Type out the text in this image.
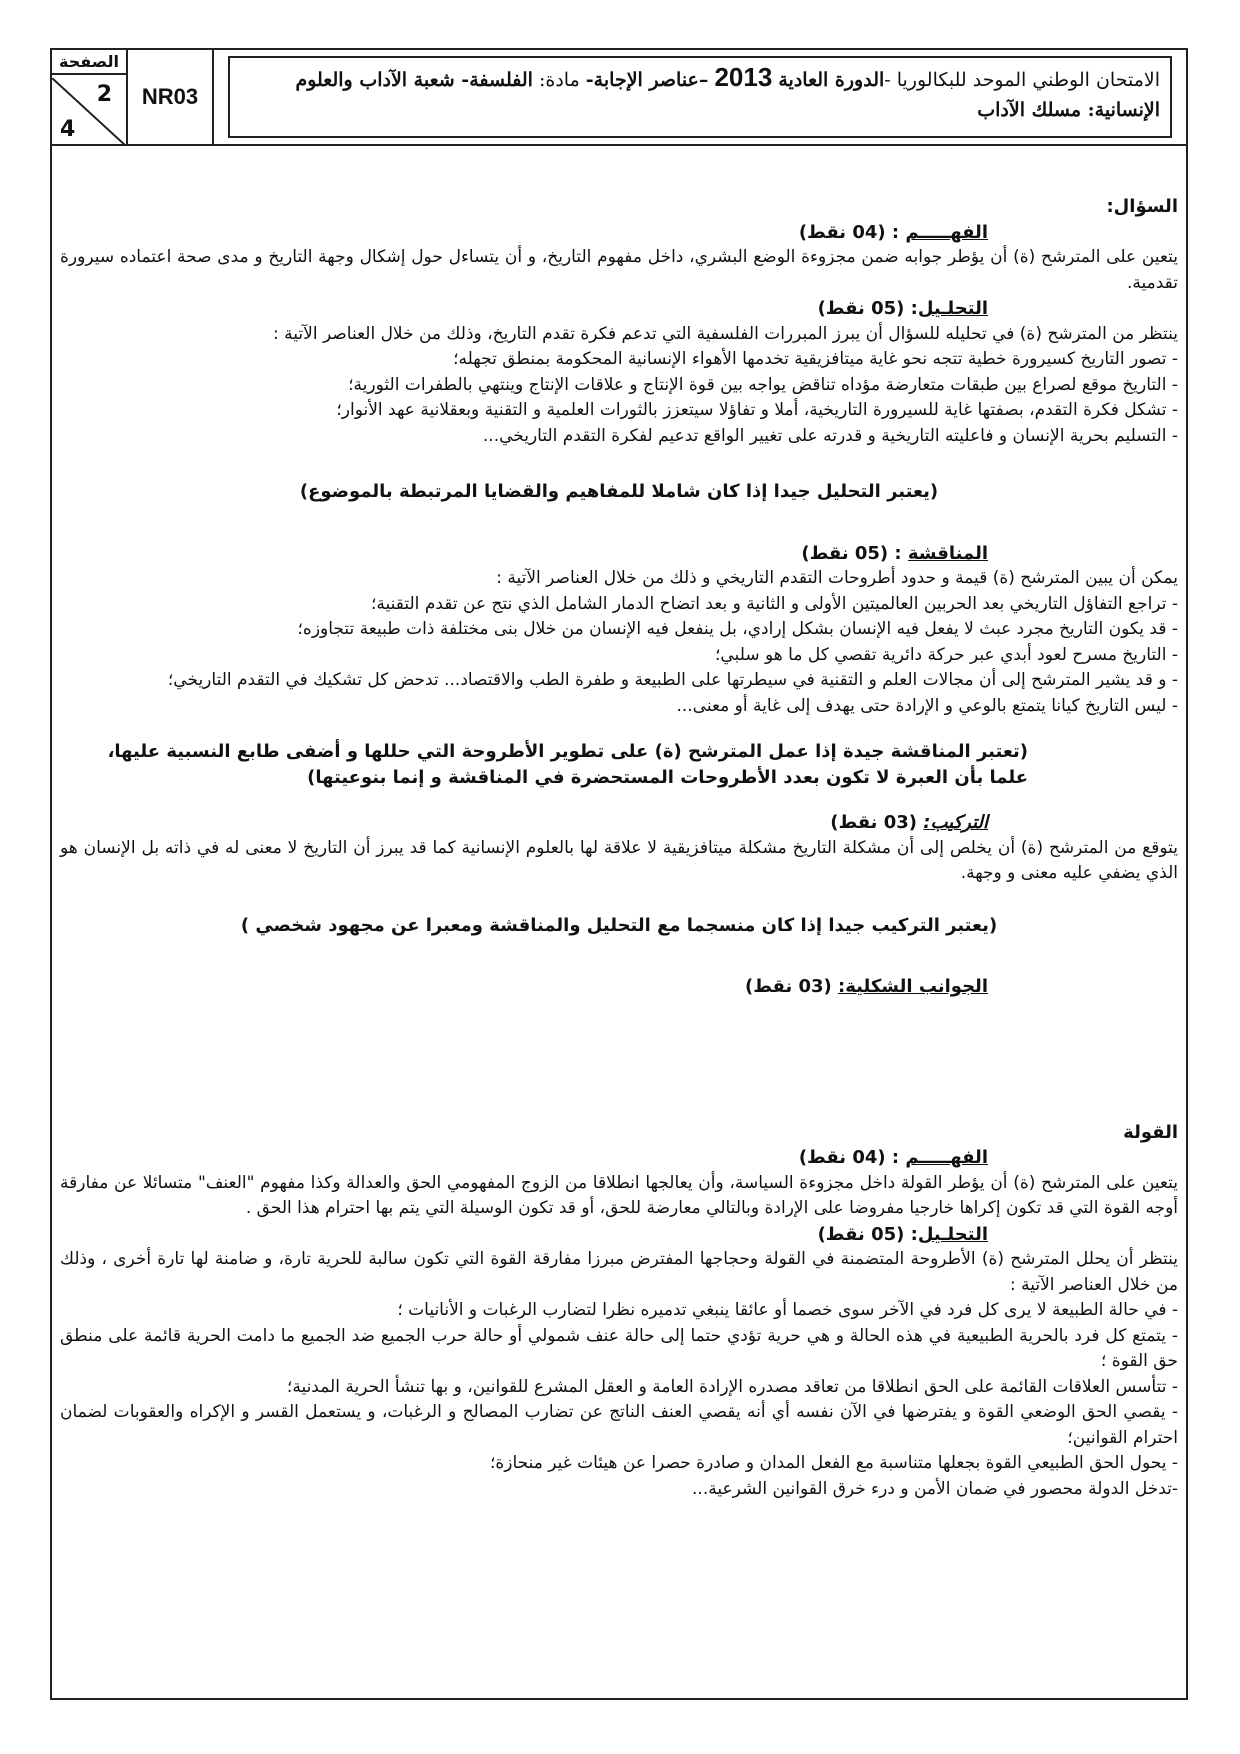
الصفحة
2
4
NR03
الامتحان الوطني الموحد للبكالوريا -الدورة العادية 2013 –عناصر الإجابة- مادة: الفلسفة- شعبة الآداب والعلوم
الإنسانية: مسلك الآداب

السؤال:

الفهـــــم : (04 نقط)

يتعين على المترشح (ة) أن يؤطر جوابه ضمن مجزوءة الوضع البشري، داخل مفهوم التاريخ، و أن يتساءل حول إشكال وجهة التاريخ و مدى صحة اعتماده سيرورة تقدمية.

التحلـيل: (05 نقط)

ينتظر من المترشح (ة) في تحليله للسؤال أن يبرز المبررات الفلسفية التي تدعم فكرة تقدم التاريخ، وذلك من خلال العناصر الآتية :

- تصور التاريخ كسيرورة خطية تتجه نحو غاية ميتافزيقية تخدمها الأهواء الإنسانية المحكومة بمنطق تجهله؛

- التاريخ موقع لصراع بين طبقات متعارضة مؤداه تناقض يواجه بين قوة الإنتاج و علاقات الإنتاج وينتهي بالطفرات الثورية؛

- تشكل فكرة التقدم، بصفتها غاية للسيرورة التاريخية، أملا و تفاؤلا سيتعزز بالثورات العلمية و التقنية وبعقلانية عهد الأنوار؛

- التسليم بحرية الإنسان و فاعليته التاريخية و قدرته على تغيير الواقع تدعيم لفكرة التقدم التاريخي...

(يعتبر التحليل جيدا إذا كان شاملا للمفاهيم والقضايا المرتبطة بالموضوع)

المناقشة : (05 نقط)

يمكن أن يبين المترشح (ة) قيمة و حدود أطروحات التقدم التاريخي و ذلك من خلال العناصر الآتية :

- تراجع التفاؤل التاريخي بعد الحربين العالميتين الأولى و الثانية و بعد اتضاح الدمار الشامل الذي نتج عن تقدم التقنية؛

- قد يكون التاريخ مجرد عبث لا يفعل فيه الإنسان بشكل إرادي، بل ينفعل فيه الإنسان من خلال بنى مختلفة ذات طبيعة تتجاوزه؛

- التاريخ مسرح لعود أبدي عبر حركة دائرية تقصي كل ما هو سلبي؛

- و قد يشير المترشح إلى أن مجالات العلم و التقنية في سيطرتها على الطبيعة و طفرة الطب والاقتصاد... تدحض كل تشكيك في التقدم التاريخي؛

- ليس التاريخ كيانا يتمتع بالوعي و الإرادة حتى يهدف إلى غاية أو معنى...

(تعتبر المناقشة جيدة إذا عمل المترشح (ة) على تطوير الأطروحة التي حللها و أضفى طابع النسبية عليها، علما بأن العبرة لا تكون بعدد الأطروحات المستحضرة في المناقشة و إنما بنوعيتها)

التركيب: (03 نقط)

يتوقع من المترشح (ة) أن يخلص إلى أن مشكلة التاريخ مشكلة ميتافزيقية لا علاقة لها بالعلوم الإنسانية كما قد يبرز أن التاريخ لا معنى له في ذاته بل الإنسان هو الذي يضفي عليه معنى و وجهة.

(يعتبر التركيب جيدا إذا كان منسجما مع التحليل والمناقشة ومعبرا عن مجهود شخصي )

الجوانب الشكلية: (03 نقط)

القولة

الفهـــــم : (04 نقط)

يتعين على المترشح (ة) أن يؤطر القولة داخل مجزوءة السياسة، وأن يعالجها انطلاقا من الزوج المفهومي الحق والعدالة وكذا مفهوم "العنف" متسائلا عن مفارقة أوجه القوة التي قد تكون إكراها خارجيا مفروضا على الإرادة وبالتالي معارضة للحق، أو قد تكون الوسيلة التي يتم بها احترام هذا الحق .

التحلـيل: (05 نقط)

ينتظر أن يحلل المترشح (ة) الأطروحة المتضمنة في القولة وحجاجها المفترض مبرزا مفارقة القوة التي تكون سالبة للحرية تارة، و ضامنة لها تارة أخرى ، وذلك من خلال العناصر الآتية :

- في حالة الطبيعة لا يرى كل فرد في الآخر سوى خصما أو عائقا ينبغي تدميره نظرا لتضارب الرغبات و الأنانيات ؛

- يتمتع كل فرد بالحرية الطبيعية في هذه الحالة و هي حرية تؤدي حتما إلى حالة عنف شمولي أو حالة حرب الجميع ضد الجميع ما دامت الحرية قائمة على منطق حق القوة ؛

- تتأسس العلاقات القائمة على الحق انطلاقا من تعاقد مصدره الإرادة العامة و العقل المشرع للقوانين، و بها تنشأ الحرية المدنية؛

- يقصي الحق الوضعي القوة و يفترضها في الآن نفسه أي أنه يقصي العنف الناتج عن تضارب المصالح و الرغبات، و يستعمل القسر و الإكراه والعقوبات لضمان احترام القوانين؛

- يحول الحق الطبيعي القوة بجعلها متناسبة مع الفعل المدان و صادرة حصرا عن هيئات غير منحازة؛

-تدخل الدولة محصور في ضمان الأمن و درء خرق القوانين الشرعية...
